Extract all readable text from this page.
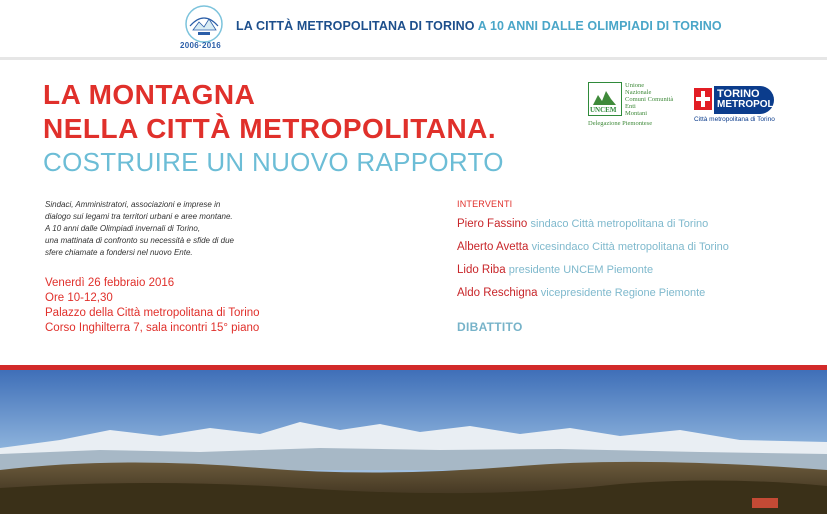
2006·2016
LA CITTÀ METROPOLITANA DI TORINO A 10 ANNI DALLE OLIMPIADI DI TORINO
LA MONTAGNA
NELLA CITTÀ METROPOLITANA.
COSTRUIRE UN NUOVO RAPPORTO
UNCEM
Unione
Nazionale
Comuni Comunità
Enti
Montani
Delegazione Piemontese
TORINO
METROPOLI
Città metropolitana di Torino
Sindaci, Amministratori, associazioni e imprese in
dialogo sui legami tra territori urbani e aree montane.
A 10 anni dalle Olimpiadi invernali di Torino,
una mattinata di confronto su necessità e sfide di due
sfere chiamate a fondersi nel nuovo Ente.
Venerdì 26 febbraio 2016
Ore 10-12,30
Palazzo della Città metropolitana di Torino
Corso Inghilterra 7, sala incontri 15° piano
INTERVENTI
Piero Fassino sindaco Città metropolitana di Torino
Alberto Avetta vicesindaco Città metropolitana di Torino
Lido Riba presidente UNCEM Piemonte
Aldo Reschigna vicepresidente Regione Piemonte
DIBATTITO
